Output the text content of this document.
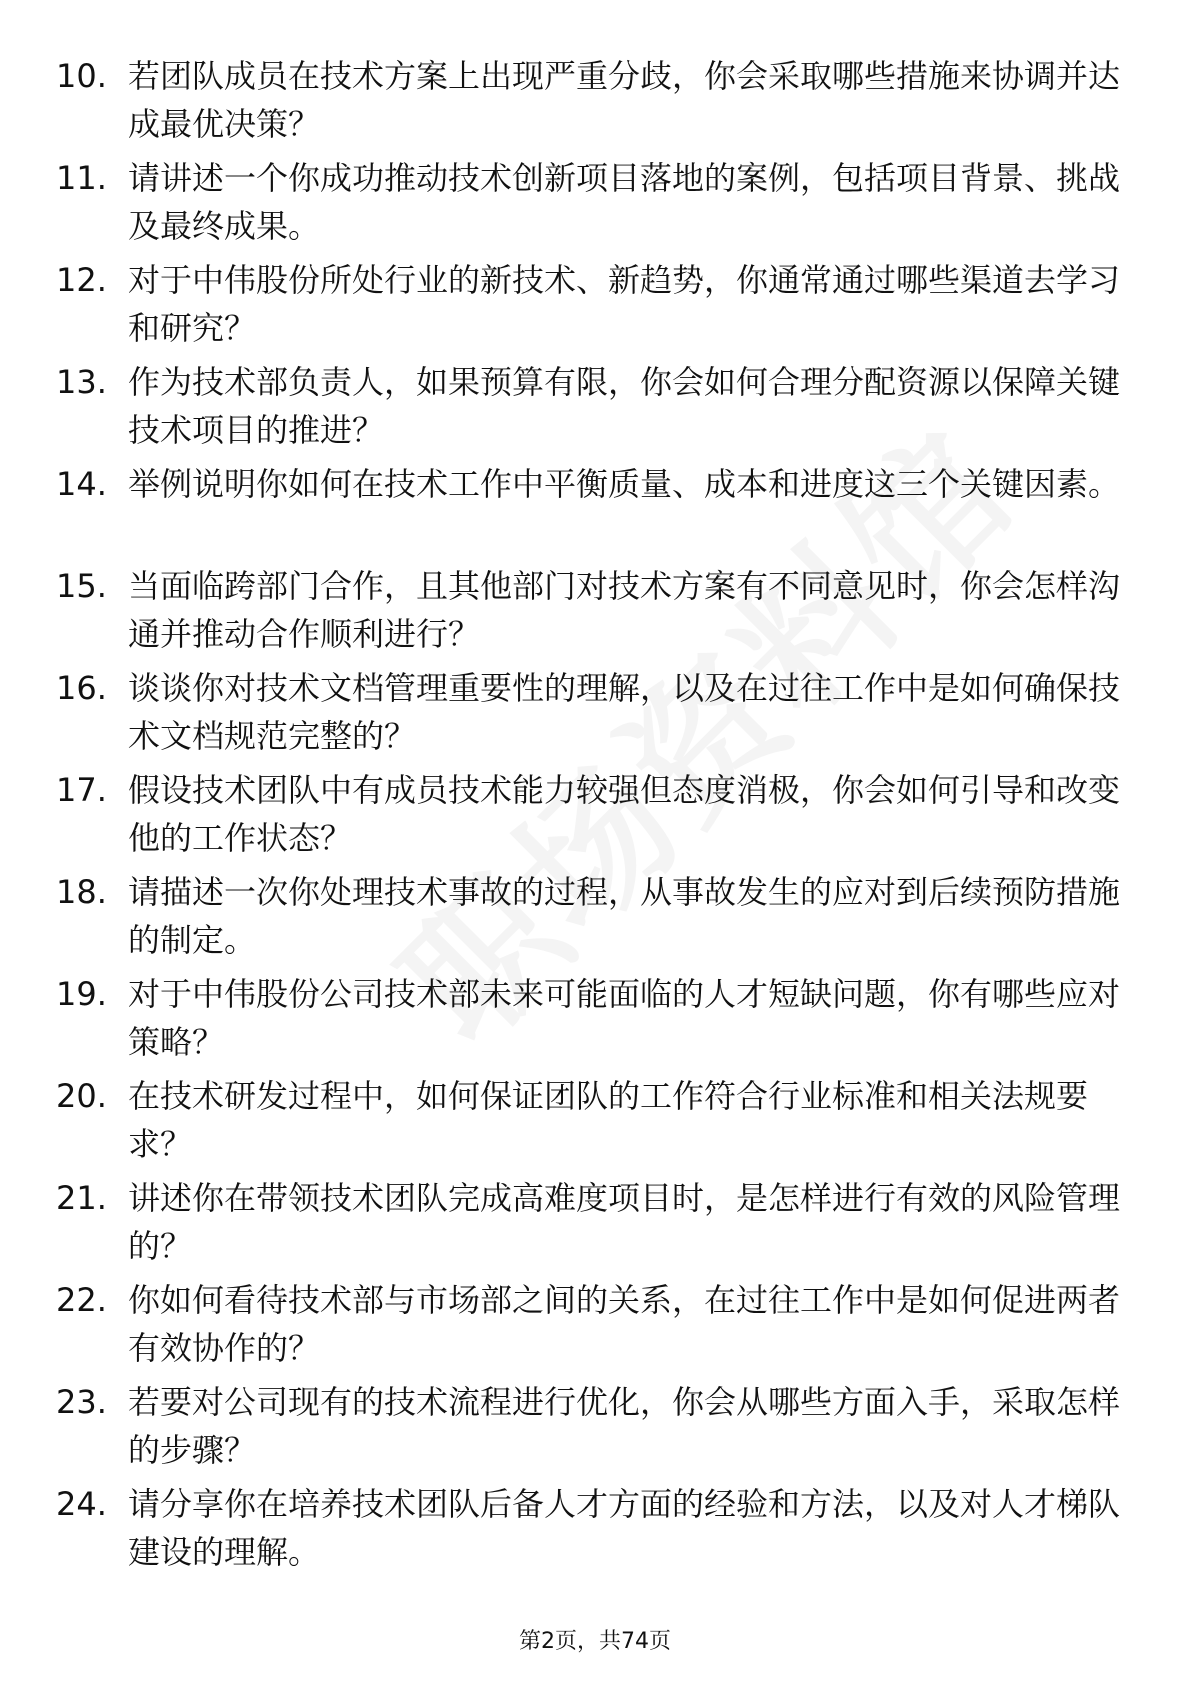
10. 若团队成员在技术方案上出现严重分歧，你会采取哪些措施来协调并达成最优决策？
11. 请讲述一个你成功推动技术创新项目落地的案例，包括项目背景、挑战及最终成果。
12. 对于中伟股份所处行业的新技术、新趋势，你通常通过哪些渠道去学习和研究？
13. 作为技术部负责人，如果预算有限，你会如何合理分配资源以保障关键技术项目的推进？
14. 举例说明你如何在技术工作中平衡质量、成本和进度这三个关键因素。
15. 当面临跨部门合作，且其他部门对技术方案有不同意见时，你会怎样沟通并推动合作顺利进行？
16. 谈谈你对技术文档管理重要性的理解，以及在过往工作中是如何确保技术文档规范完整的？
17. 假设技术团队中有成员技术能力较强但态度消极，你会如何引导和改变他的工作状态？
18. 请描述一次你处理技术事故的过程，从事故发生的应对到后续预防措施的制定。
19. 对于中伟股份公司技术部未来可能面临的人才短缺问题，你有哪些应对策略？
20. 在技术研发过程中，如何保证团队的工作符合行业标准和相关法规要求？
21. 讲述你在带领技术团队完成高难度项目时，是怎样进行有效的风险管理的？
22. 你如何看待技术部与市场部之间的关系，在过往工作中是如何促进两者有效协作的？
23. 若要对公司现有的技术流程进行优化，你会从哪些方面入手，采取怎样的步骤？
24. 请分享你在培养技术团队后备人才方面的经验和方法，以及对人才梯队建设的理解。
第2页，共74页
